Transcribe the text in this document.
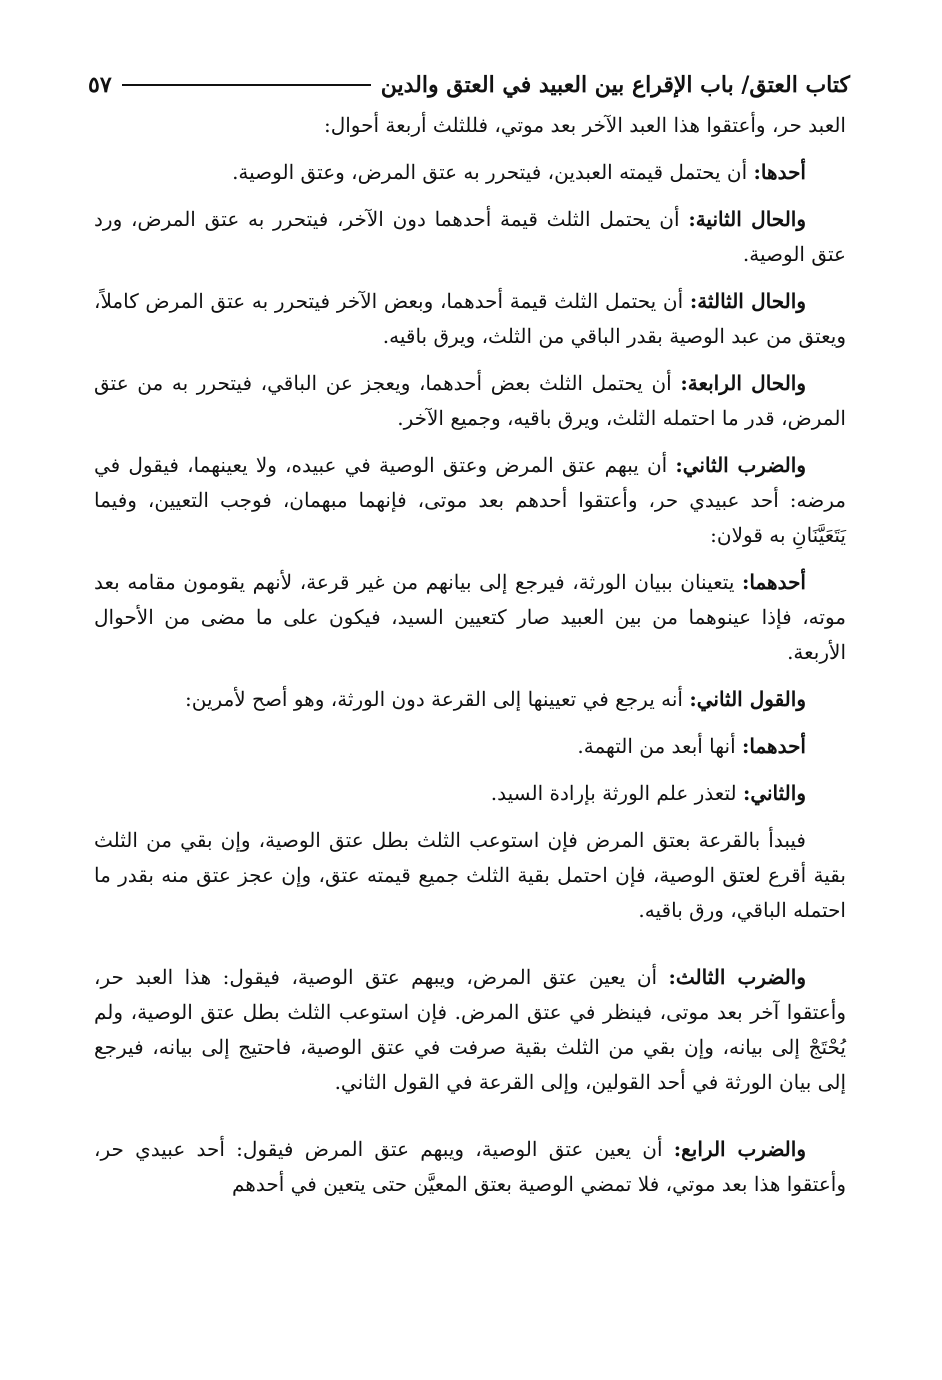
كتاب العتق/ باب الإقراع بين العبيد في العتق والدين
٥٧

العبد حر، وأعتقوا هذا العبد الآخر بعد موتي، فللثلث أربعة أحوال:

أحدها: أن يحتمل قيمته العبدين، فيتحرر به عتق المرض، وعتق الوصية.

والحال الثانية: أن يحتمل الثلث قيمة أحدهما دون الآخر، فيتحرر به عتق المرض، ورد عتق الوصية.

والحال الثالثة: أن يحتمل الثلث قيمة أحدهما، وبعض الآخر فيتحرر به عتق المرض كاملاً، ويعتق من عبد الوصية بقدر الباقي من الثلث، ويرق باقيه.

والحال الرابعة: أن يحتمل الثلث بعض أحدهما، ويعجز عن الباقي، فيتحرر به من عتق المرض، قدر ما احتمله الثلث، ويرق باقيه، وجميع الآخر.

والضرب الثاني: أن يبهم عتق المرض وعتق الوصية في عبيده، ولا يعينهما، فيقول في مرضه: أحد عبيدي حر، وأعتقوا أحدهم بعد موتى، فإنهما مبهمان، فوجب التعيين، وفيما يَتَعَيَّنَانِ به قولان:

أحدهما: يتعينان ببيان الورثة، فيرجع إلى بيانهم من غير قرعة، لأنهم يقومون مقامه بعد موته، فإذا عينوهما من بين العبيد صار كتعيين السيد، فيكون على ما مضى من الأحوال الأربعة.

والقول الثاني: أنه يرجع في تعيينها إلى القرعة دون الورثة، وهو أصح لأمرين:

أحدهما: أنها أبعد من التهمة.

والثاني: لتعذر علم الورثة بإرادة السيد.

فيبدأ بالقرعة بعتق المرض فإن استوعب الثلث بطل عتق الوصية، وإن بقي من الثلث بقية أقرع لعتق الوصية، فإن احتمل بقية الثلث جميع قيمته عتق، وإن عجز عتق منه بقدر ما احتمله الباقي، ورق باقيه.

والضرب الثالث: أن يعين عتق المرض، ويبهم عتق الوصية، فيقول: هذا العبد حر، وأعتقوا آخر بعد موتى، فينظر في عتق المرض. فإن استوعب الثلث بطل عتق الوصية، ولم يُحْتَجْ إلى بيانه، وإن بقي من الثلث بقية صرفت في عتق الوصية، فاحتيج إلى بيانه، فيرجع إلى بيان الورثة في أحد القولين، وإلى القرعة في القول الثاني.

والضرب الرابع: أن يعين عتق الوصية، ويبهم عتق المرض فيقول: أحد عبيدي حر، وأعتقوا هذا بعد موتي، فلا تمضي الوصية بعتق المعيَّن حتى يتعين في أحدهم
